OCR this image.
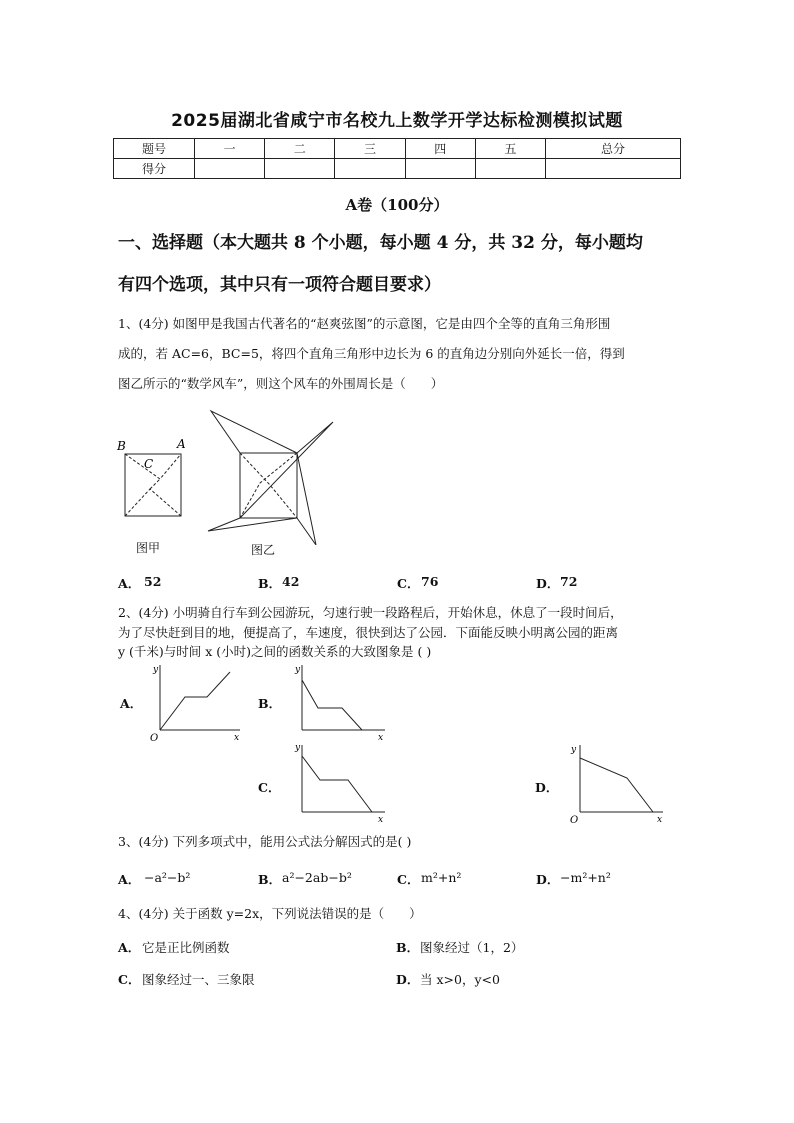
2025届湖北省咸宁市名校九上数学开学达标检测模拟试题
题号	一	二	三	四	五	总分
得分						
A卷（100分）
一、选择题（本大题共 8 个小题，每小题 4 分，共 32 分，每小题均
有四个选项，其中只有一项符合题目要求）
1、(4分) 如图甲是我国古代著名的“赵爽弦图”的示意图，它是由四个全等的直角三角形围
成的，若 AC=6，BC=5，将四个直角三角形中边长为 6 的直角边分别向外延长一倍，得到
图乙所示的“数学风车”，则这个风车的外围周长是（　　）
B	A
C
图甲	图乙
A． 52	B． 42	C． 76	D． 72
2、(4分) 小明骑自行车到公园游玩，匀速行驶一段路程后，开始休息，休息了一段时间后，
为了尽快赶到目的地，便提高了，车速度，很快到达了公园．下面能反映小明离公园的距离
y (千米)与时间 x (小时)之间的函数关系的大致图象是 ( )
A．
y
x
O
B．
y
x
C．
y
x
D．
y
x
O
3、(4分) 下列多项式中，能用公式法分解因式的是( )
A． −a²−b²	B． a²−2ab−b²	C． m²+n²	D． −m²+n²
4、(4分) 关于函数 y=2x，下列说法错误的是（　　）
A． 它是正比例函数	B． 图象经过（1，2）
C． 图象经过一、三象限	D． 当 x>0，y<0
